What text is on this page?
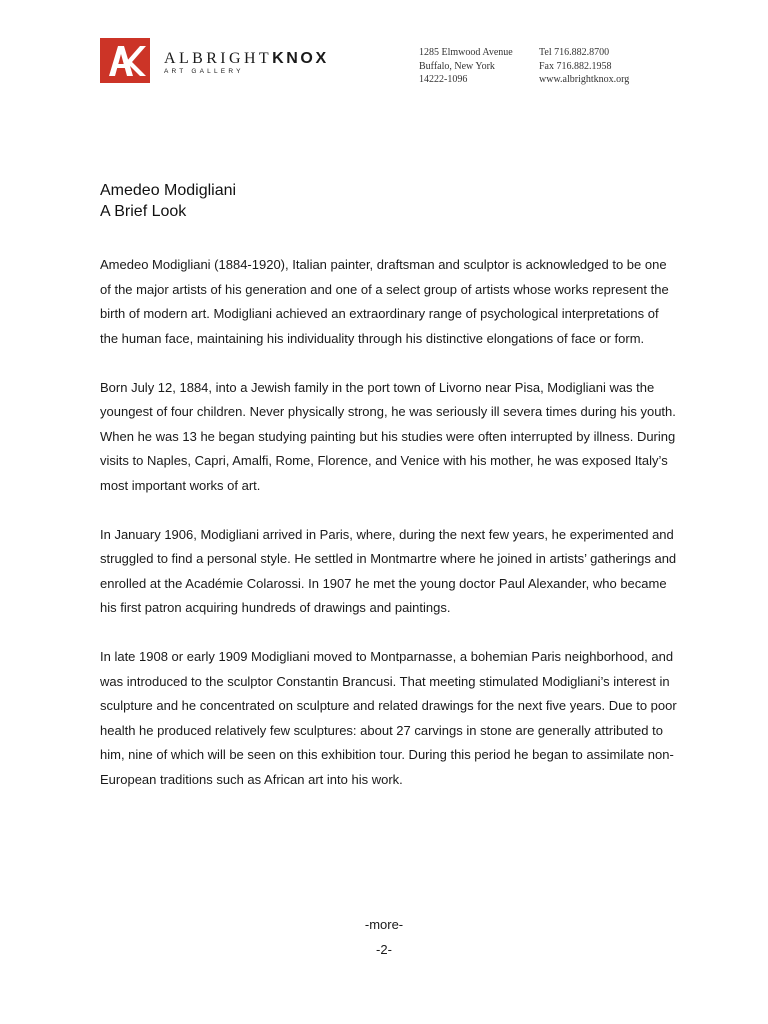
ALBRIGHTKNOX
ART GALLERY
1285 Elmwood Avenue
Buffalo, New York
14222-1096
Tel 716.882.8700
Fax 716.882.1958
www.albrightknox.org
Amedeo Modigliani
A Brief Look

Amedeo Modigliani (1884-1920), Italian painter, draftsman and sculptor is acknowledged to be one of the major artists of his generation and one of a select group of artists whose works represent the birth of modern art. Modigliani achieved an extraordinary range of psychological interpretations of the human face, maintaining his individuality through his distinctive elongations of face or form.

Born July 12, 1884, into a Jewish family in the port town of Livorno near Pisa, Modigliani was the youngest of four children. Never physically strong, he was seriously ill severa times during his youth. When he was 13 he began studying painting but his studies were often interrupted by illness. During visits to Naples, Capri, Amalfi, Rome, Florence, and Venice with his mother, he was exposed Italy’s most important works of art.

In January 1906, Modigliani arrived in Paris, where, during the next few years, he experimented and struggled to find a personal style. He settled in Montmartre where he joined in artists’ gatherings and enrolled at the Académie Colarossi. In 1907 he met the young doctor Paul Alexander, who became his first patron acquiring hundreds of drawings and paintings.

In late 1908 or early 1909 Modigliani moved to Montparnasse, a bohemian Paris neighborhood, and was introduced to the sculptor Constantin Brancusi. That meeting stimulated Modigliani’s interest in sculpture and he concentrated on sculpture and related drawings for the next five years. Due to poor health he produced relatively few sculptures: about 27 carvings in stone are generally attributed to him, nine of which will be seen on this exhibition tour. During this period he began to assimilate non-European traditions such as African art into his work.

-more-
-2-
